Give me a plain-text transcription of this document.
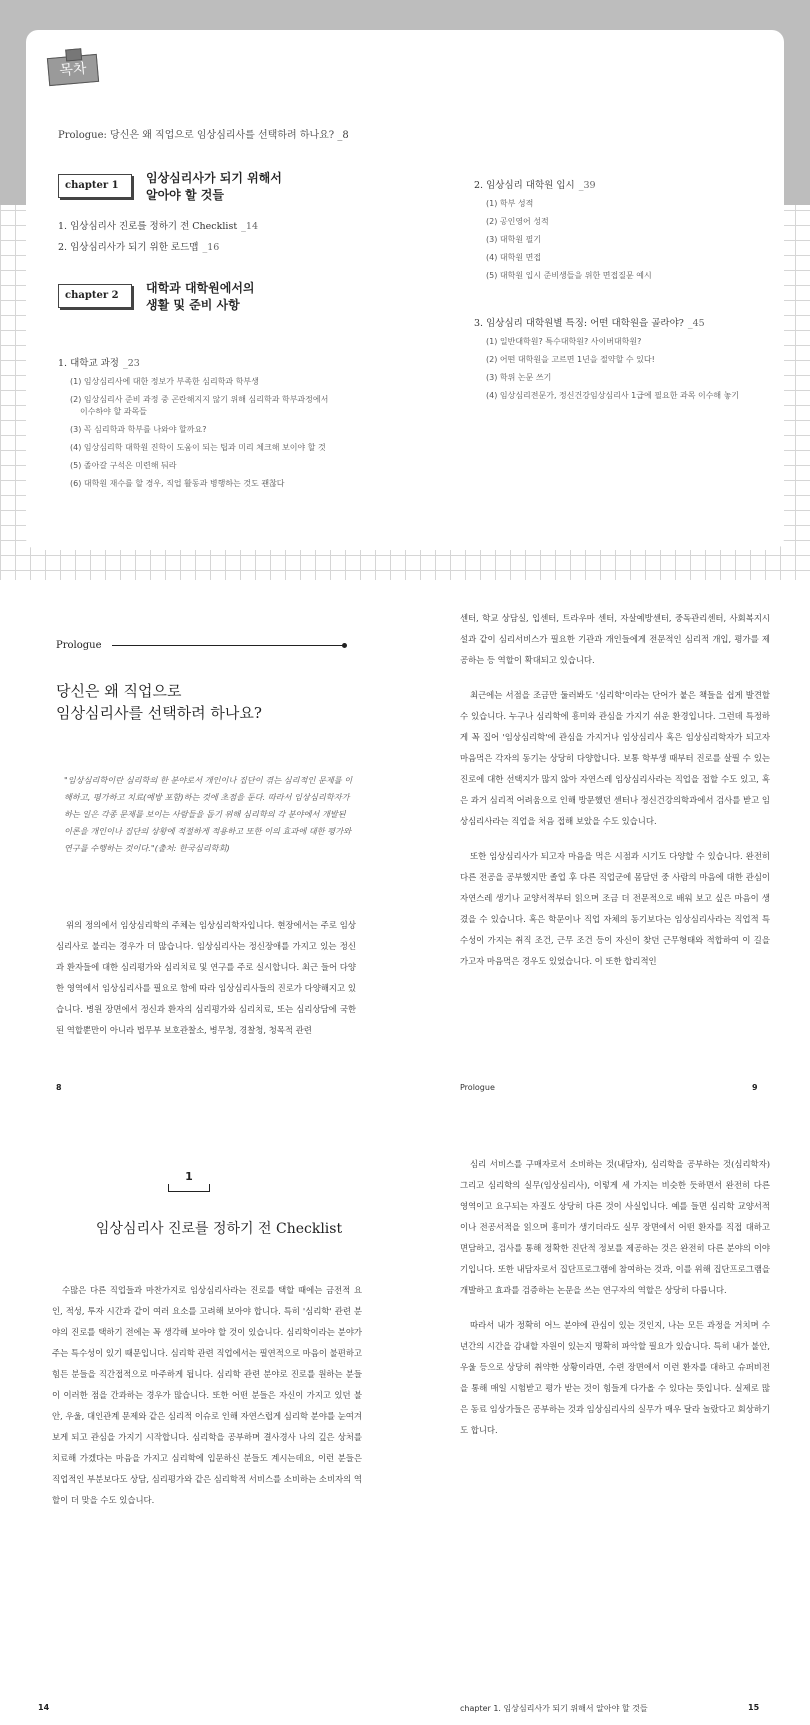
목차
Prologue: 당신은 왜 직업으로 임상심리사를 선택하려 하나요? _8
chapter 1
임상심리사가 되기 위해서
알아야 할 것들
1. 임상심리사 진로를 정하기 전 Checklist _14
2. 임상심리사가 되기 위한 로드맵 _16
chapter 2
대학과 대학원에서의
생활 및 준비 사항
1. 대학교 과정 _23
(1) 임상심리사에 대한 정보가 부족한 심리학과 학부생
(2) 임상심리사 준비 과정 중 곤란해지지 않기 위해 심리학과 학부과정에서
이수하야 할 과목들
(3) 꼭 심리학과 학부를 나와야 할까요?
(4) 임상심리학 대학원 진학이 도움이 되는 팁과 미리 체크해 보이야 할 것
(5) 졸아갈 구석은 미련해 둬라
(6) 대학원 재수를 할 경우, 직업 활동과 병행하는 것도 괜찮다
2. 임상심리 대학원 입시 _39
(1) 학부 성적
(2) 공인영어 성적
(3) 대학원 필기
(4) 대학원 면접
(5) 대학원 입시 준비생들을 위한 면접질문 예시
3. 임상심리 대학원별 특징: 어떤 대학원을 골라야? _45
(1) 일반대학원? 특수대학원? 사이버대학원?
(2) 어떤 대학원을 고르면 1년을 절약할 수 있다!
(3) 학위 논문 쓰기
(4) 임상심리전문가, 정신건강임상심리사 1급에 필요한 과목 이수해 놓기
Prologue
당신은 왜 직업으로
임상심리사를 선택하려 하나요?
"임상심리학이란 심리학의 한 분야로서 개인이나 집단이 겪는 심리적인 문제를 이해하고, 평가하고 치료(예방 포함)하는 것에 초점을 둔다. 따라서 임상심리학자가 하는 일은 각종 문제를 보이는 사람들을 돕기 위해 심리학의 각 분야에서 개발된 이론을 개인이나 집단의 상황에 적절하게 적용하고 또한 이의 효과에 대한 평가와 연구를 수행하는 것이다."(출처: 한국심리학회)
위의 정의에서 임상심리학의 주체는 임상심리학자입니다. 현장에서는 주로 임상심리사로 불리는 경우가 더 많습니다. 임상심리사는 정신장애를 가지고 있는 정신과 환자들에 대한 심리평가와 심리치료 및 연구를 주로 실시합니다. 최근 들어 다양한 영역에서 임상심리사를 필요로 함에 따라 임상심리사들의 진로가 다양해지고 있습니다. 병원 장면에서 정신과 환자의 심리평가와 심리치료, 또는 심리상담에 국한된 역할뿐만이 아니라 법무부 보호관찰소, 병무청, 경찰청, 청목적 관련
8

센터, 학교 상담실, 입센터, 트라우마 센터, 자살예방센터, 중독관리센터, 사회복지시설과 같이 심리서비스가 필요한 기관과 개인들에게 전문적인 심리적 개입, 평가를 제공하는 등 역할이 확대되고 있습니다.

최근에는 서점을 조금만 둘러봐도 '심리학'이라는 단어가 붙은 책들을 쉽게 발견할 수 있습니다. 누구나 심리학에 흥미와 관심을 가지기 쉬운 환경입니다. 그런데 특정하게 꼭 집어 '임상심리학'에 관심을 가지거나 임상심리사 혹은 임상심리학자가 되고자 마음먹은 각자의 동기는 상당히 다양합니다. 보통 학부생 때부터 진로를 살필 수 있는 진로에 대한 선택지가 많지 않아 자연스레 임상심리사라는 직업을 접할 수도 있고, 혹은 과거 심리적 어려움으로 인해 방문했던 센터나 정신건강의학과에서 검사를 받고 임상심리사라는 직업을 처음 접해 보았을 수도 있습니다.

또한 임상심리사가 되고자 마음을 먹은 시점과 시기도 다양할 수 있습니다. 완전히 다른 전공을 공부했지만 졸업 후 다른 직업군에 몸담던 중 사람의 마음에 대한 관심이 자연스레 생기나 교양서적부터 읽으며 조금 더 전문적으로 배워 보고 싶은 마음이 생겼을 수 있습니다. 혹은 학문이나 직업 자체의 동기보다는 임상심리사라는 직업적 특수성이 가지는 취직 조건, 근무 조건 등이 자신이 찾던 근무형태와 적합하여 이 길을 가고자 마음먹은 경우도 있었습니다. 이 또한 합리적인

Prologue	9
1
임상심리사 진로를 정하기 전 Checklist

수많은 다른 직업들과 마찬가지로 임상심리사라는 진로를 택할 때에는 금전적 요인, 적성, 투자 시간과 같이 여러 요소를 고려해 보아야 합니다. 특히 '심리학' 관련 분야의 진로를 택하기 전에는 꼭 생각해 보아야 할 것이 있습니다. 심리학이라는 분야가 주는 특수성이 있기 때문입니다. 심리학 관련 직업에서는 필연적으로 마음이 불편하고 힘든 분들을 직간접적으로 마주하게 됩니다. 심리학 관련 분야로 진로를 원하는 분들이 이러한 점을 간과하는 경우가 많습니다. 또한 어떤 분들은 자신이 가지고 있던 불안, 우울, 대인관계 문제와 같은 심리적 이슈로 인해 자연스럽게 심리학 분야를 눈여겨보게 되고 관심을 가지기 시작합니다. 심리학을 공부하며 결사경사 나의 깊은 상처를 치료해 가겠다는 마음을 가지고 심리학에 입문하신 분들도 계시는데요, 이런 분들은 직업적인 부분보다도 상담, 심리평가와 같은 심리학적 서비스를 소비하는 소비자의 역할이 더 맞을 수도 있습니다.

14

심리 서비스를 구매자로서 소비하는 것(내담자), 심리학을 공부하는 것(심리학자) 그리고 심리학의 실무(임상심리사), 이렇게 세 가지는 비슷한 듯하면서 완전히 다른 영역이고 요구되는 자질도 상당히 다른 것이 사실입니다. 예를 들면 심리학 교양서적이나 전공서적을 읽으며 흥미가 생기더라도 실무 장면에서 어떤 환자를 직접 대하고 면담하고, 검사를 통해 정확한 진단적 정보를 제공하는 것은 완전히 다른 분야의 이야기입니다. 또한 내담자로서 집단프로그램에 참여하는 것과, 이를 위해 집단프로그램을 개발하고 효과를 검증하는 논문을 쓰는 연구자의 역할은 상당히 다릅니다.

따라서 내가 정확히 어느 분야에 관심이 있는 것인지, 나는 모든 과정을 거치며 수 년간의 시간을 감내할 자원이 있는지 명확히 파악할 필요가 있습니다. 특히 내가 불안, 우울 등으로 상당히 취약한 상황이라면, 수련 장면에서 이런 환자를 대하고 슈퍼비전을 통해 매일 시험받고 평가 받는 것이 힘들게 다가올 수 있다는 뜻입니다. 실제로 많은 동료 임상가들은 공부하는 것과 임상심리사의 실무가 매우 달라 놀랐다고 회상하기도 합니다.

chapter 1. 임상심리사가 되기 위해서 알아야 할 것들	15
